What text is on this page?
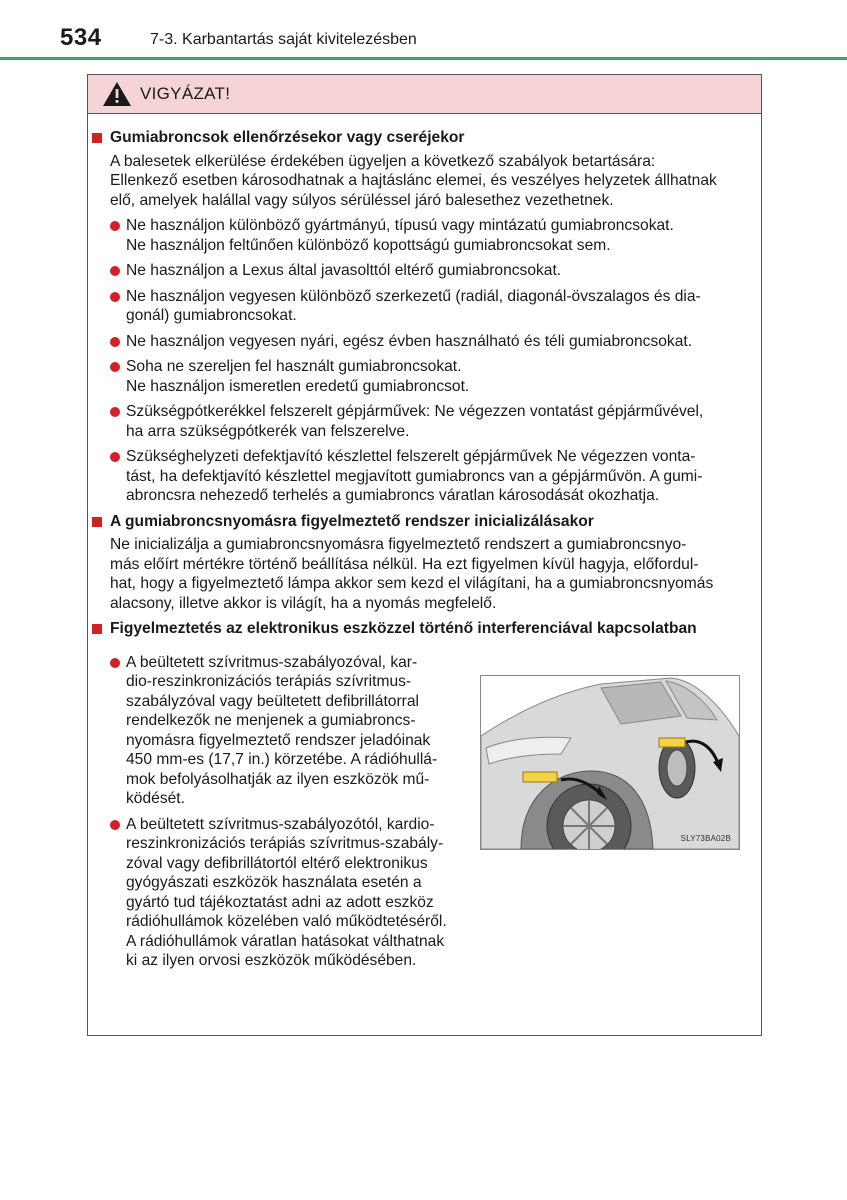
534	7-3. Karbantartás saját kivitelezésben
VIGYÁZAT!
Gumiabroncsok ellenőrzésekor vagy cseréjekor
A balesetek elkerülése érdekében ügyeljen a következő szabályok betartására:
Ellenkező esetben károsodhatnak a hajtáslánc elemei, és veszélyes helyzetek állhatnak
elő, amelyek halállal vagy súlyos sérüléssel járó balesethez vezethetnek.
Ne használjon különböző gyártmányú, típusú vagy mintázatú gumiabroncsokat.
Ne használjon feltűnően különböző kopottságú gumiabroncsokat sem.
Ne használjon a Lexus által javasolttól eltérő gumiabroncsokat.
Ne használjon vegyesen különböző szerkezetű (radiál, diagonál-övszalagos és dia-
gonál) gumiabroncsokat.
Ne használjon vegyesen nyári, egész évben használható és téli gumiabroncsokat.
Soha ne szereljen fel használt gumiabroncsokat.
Ne használjon ismeretlen eredetű gumiabroncsot.
Szükségpótkerékkel felszerelt gépjárművek: Ne végezzen vontatást gépjárművével,
ha arra szükségpótkerék van felszerelve.
Szükséghelyzeti defektjavító készlettel felszerelt gépjárművek Ne végezzen vonta-
tást, ha defektjavító készlettel megjavított gumiabroncs van a gépjárművön. A gumi-
abroncsra nehezedő terhelés a gumiabroncs váratlan károsodását okozhatja.
A gumiabroncsnyomásra figyelmeztető rendszer inicializálásakor
Ne inicializálja a gumiabroncsnyomásra figyelmeztető rendszert a gumiabroncsnyo-
más előírt mértékre történő beállítása nélkül. Ha ezt figyelmen kívül hagyja, előfordul-
hat, hogy a figyelmeztető lámpa akkor sem kezd el világítani, ha a gumiabroncsnyomás
alacsony, illetve akkor is világít, ha a nyomás megfelelő.
Figyelmeztetés az elektronikus eszközzel történő interferenciával kapcsolatban
A beültetett szívritmus-szabályozóval, kar-
dio-reszinkronizációs terápiás szívritmus-
szabályzóval vagy beültetett defibrillátorral
rendelkezők ne menjenek a gumiabroncs-
nyomásra figyelmeztető rendszer jeladóinak
450 mm-es (17,7 in.) körzetébe. A rádióhullá-
mok befolyásolhatják az ilyen eszközök mű-
ködését.
A beültetett szívritmus-szabályozótól, kardio-
reszinkronizációs terápiás szívritmus-szabály-
zóval vagy defibrillátortól eltérő elektronikus
gyógyászati eszközök használata esetén a
gyártó tud tájékoztatást adni az adott eszköz
rádióhullámok közelében való működtetéséről.
A rádióhullámok váratlan hatásokat válthatnak
ki az ilyen orvosi eszközök működésében.
SLY73BA02B
